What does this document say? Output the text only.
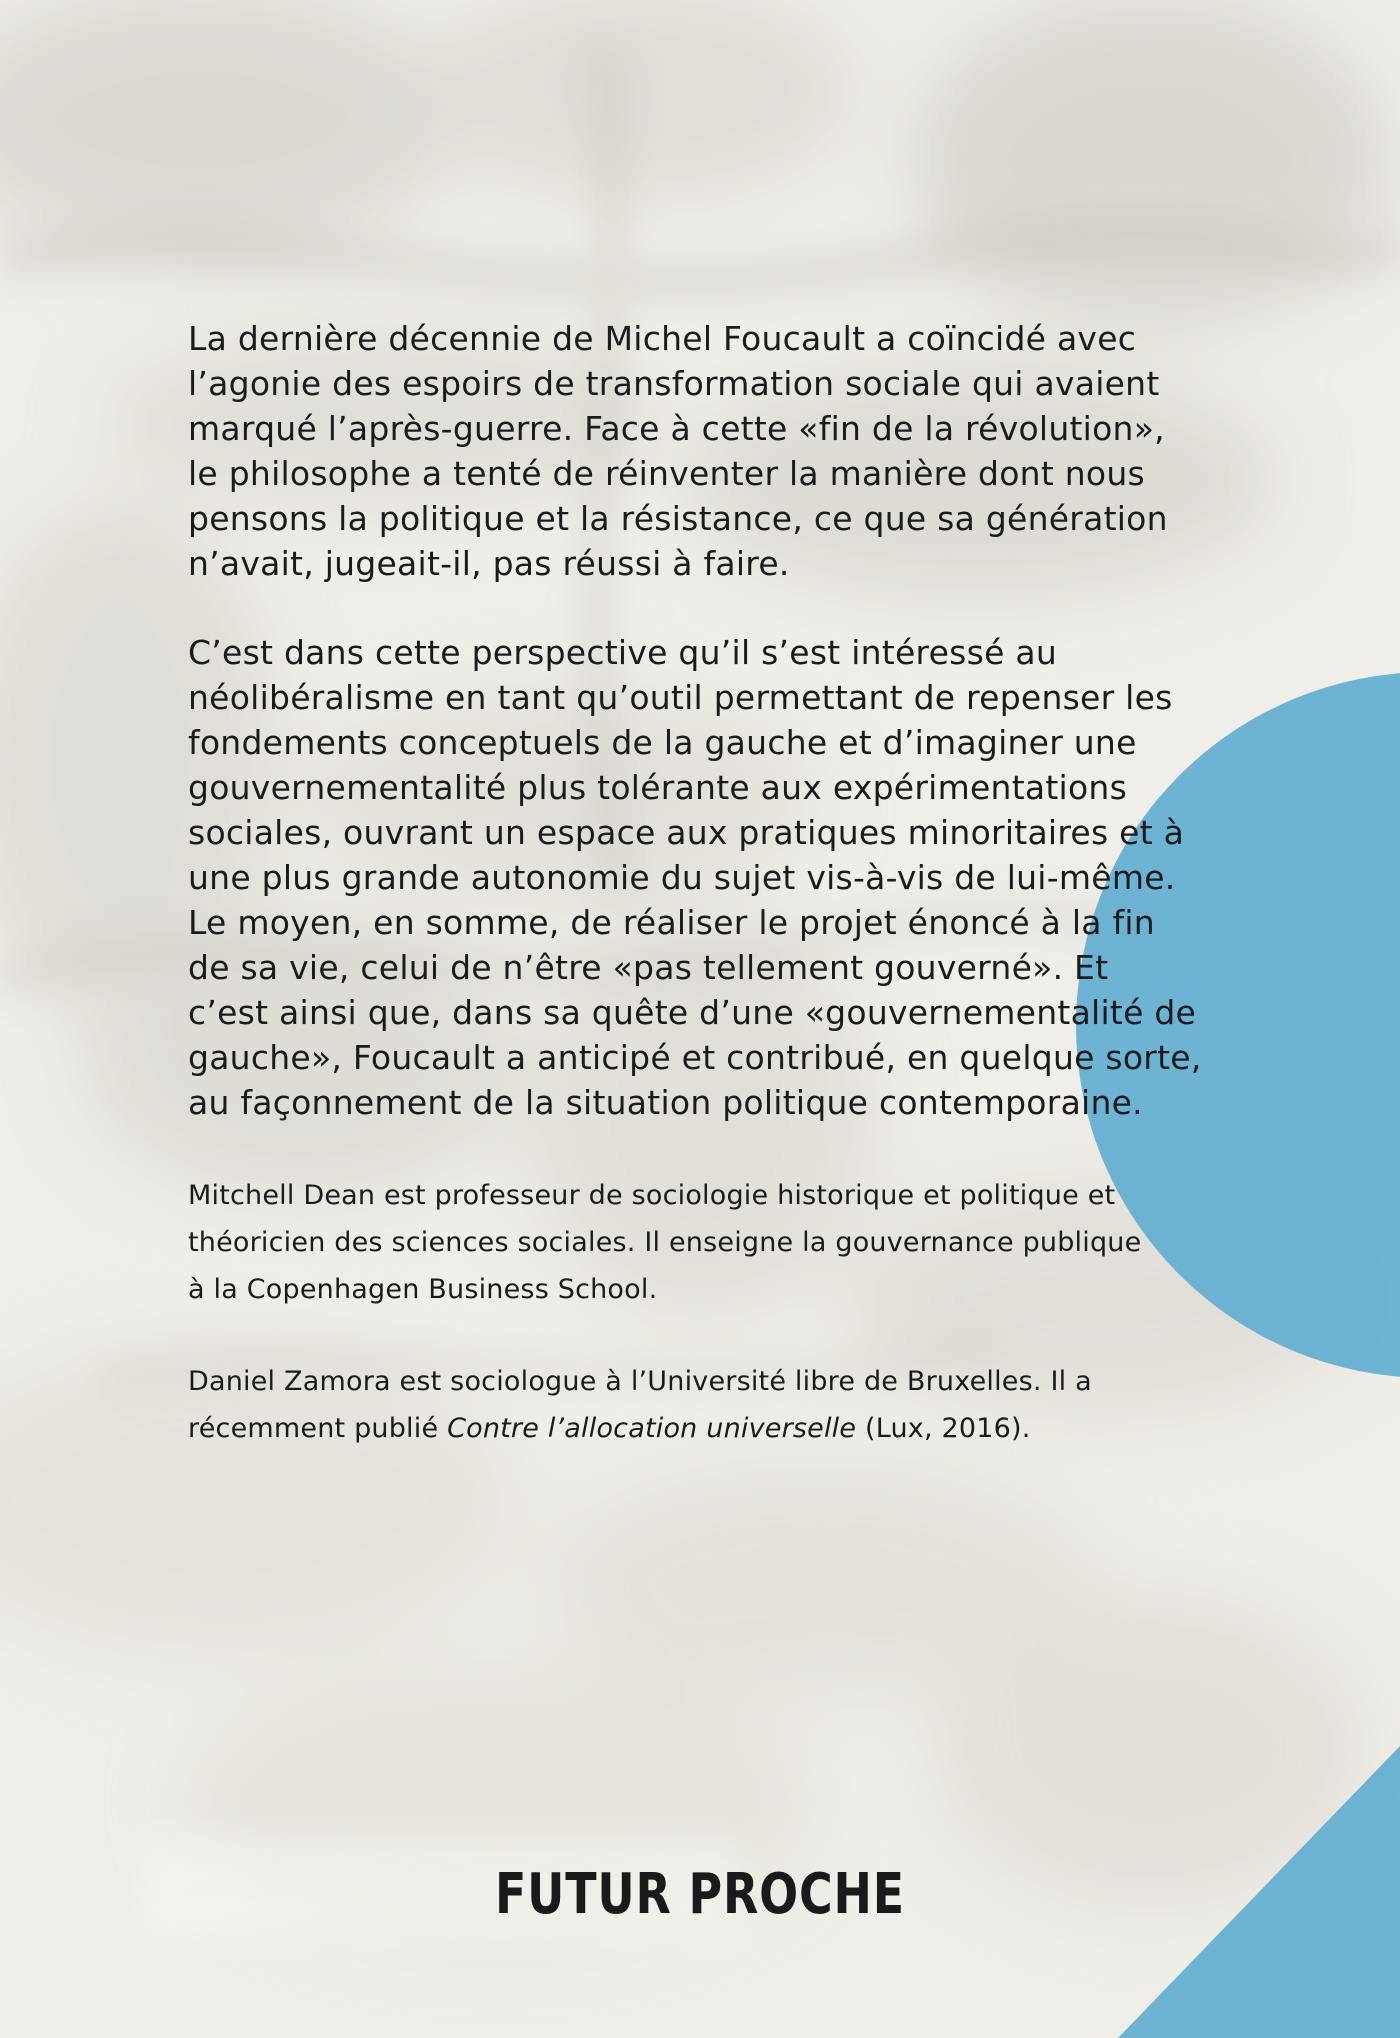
La dernière décennie de Michel Foucault a coïncidé avec
l’agonie des espoirs de transformation sociale qui avaient
marqué l’après-guerre. Face à cette «fin de la révolution»,
le philosophe a tenté de réinventer la manière dont nous
pensons la politique et la résistance, ce que sa génération
n’avait, jugeait-il, pas réussi à faire.

C’est dans cette perspective qu’il s’est intéressé au
néolibéralisme en tant qu’outil permettant de repenser les
fondements conceptuels de la gauche et d’imaginer une
gouvernementalité plus tolérante aux expérimentations
sociales, ouvrant un espace aux pratiques minoritaires et à
une plus grande autonomie du sujet vis-à-vis de lui-même.
Le moyen, en somme, de réaliser le projet énoncé à la fin
de sa vie, celui de n’être «pas tellement gouverné». Et
c’est ainsi que, dans sa quête d’une «gouvernementalité de
gauche», Foucault a anticipé et contribué, en quelque sorte,
au façonnement de la situation politique contemporaine.

Mitchell Dean est professeur de sociologie historique et politique et
théoricien des sciences sociales. Il enseigne la gouvernance publique
à la Copenhagen Business School.
Daniel Zamora est sociologue à l’Université libre de Bruxelles. Il a
récemment publié Contre l’allocation universelle (Lux, 2016).
FUTUR PROCHE
